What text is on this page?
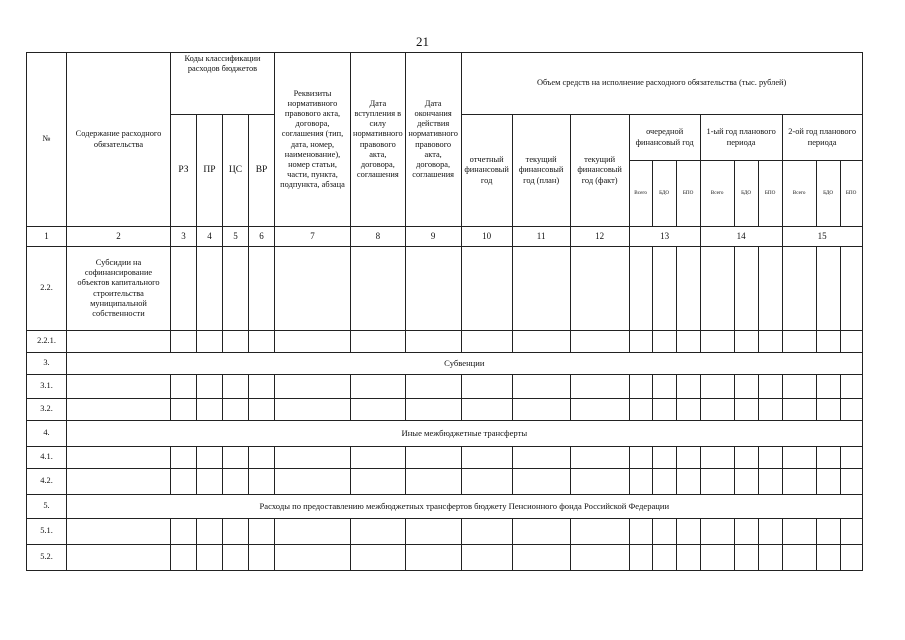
21
№	Содержание расходного обязательства	Коды классификации расходов бюджетов				Реквизиты нормативного правового акта, договора, соглашения (тип, дата, номер, наименование), номер статьи, части, пункта, подпункта, абзаца	Дата вступления в силу нормативного правового акта, договора, соглашения	Дата окончания действия нормативного правового акта, договора, соглашения	Объем средств на исполнение расходного обязательства (тыс. рублей)											
		РЗ	ПР	ЦС	ВР				отчетный финансовый год	текущий финансовый год (план)	текущий финансовый год (факт)	очередной финансовый год			1-ый год планового периода			2-ой год планового периода		
												Всего	БДО	БПО	Всего	БДО	БПО	Всего	БДО	БПО
1	2	3	4	5	6	7	8	9	10	11	12	13			14			15		
2.2.	Субсидии на софинансирование объектов капитального строительства муниципальной собственности																			
2.2.1.																				
3.	Субвенции																			
3.1.																				
3.2.																				
4.	Иные межбюджетные трансферты																			
4.1.																				
4.2.																				
5.	Расходы по предоставлению межбюджетных трансфертов бюджету Пенсионного фонда Российской Федерации																			
5.1.																				
5.2.																				
